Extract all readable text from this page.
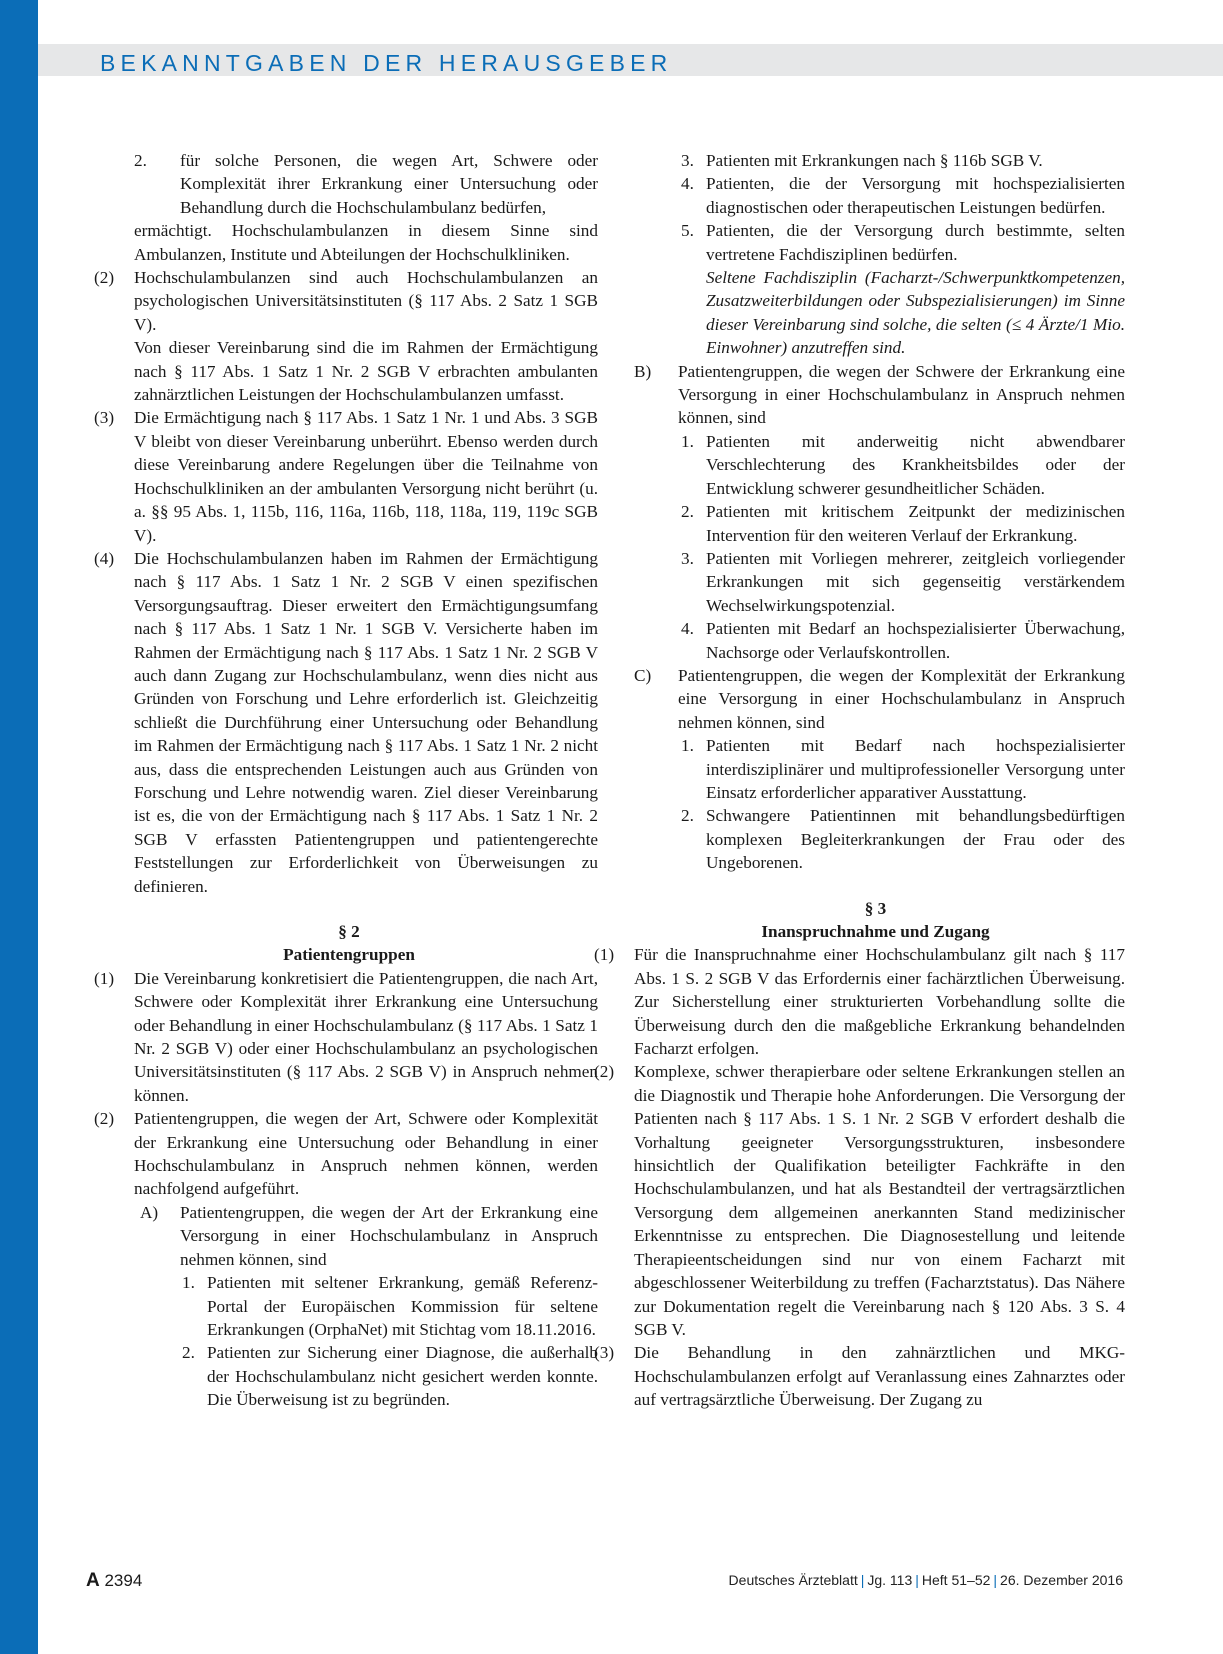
BEKANNTGABEN DER HERAUSGEBER
2. für solche Personen, die wegen Art, Schwere oder Komplexität ihrer Erkrankung einer Untersuchung oder Behandlung durch die Hochschulambulanz bedürfen,
ermächtigt. Hochschulambulanzen in diesem Sinne sind Ambulanzen, Institute und Abteilungen der Hochschulkliniken.
(2) Hochschulambulanzen sind auch Hochschulambulanzen an psychologischen Universitätsinstituten (§ 117 Abs. 2 Satz 1 SGB V).
Von dieser Vereinbarung sind die im Rahmen der Ermächtigung nach § 117 Abs. 1 Satz 1 Nr. 2 SGB V erbrachten ambulanten zahnärztlichen Leistungen der Hochschulambulanzen umfasst.
(3) Die Ermächtigung nach § 117 Abs. 1 Satz 1 Nr. 1 und Abs. 3 SGB V bleibt von dieser Vereinbarung unberührt. Ebenso werden durch diese Vereinbarung andere Regelungen über die Teilnahme von Hochschulkliniken an der ambulanten Versorgung nicht berührt (u. a. §§ 95 Abs. 1, 115b, 116, 116a, 116b, 118, 118a, 119, 119c SGB V).
(4) Die Hochschulambulanzen haben im Rahmen der Ermächtigung nach § 117 Abs. 1 Satz 1 Nr. 2 SGB V einen spezifischen Versorgungsauftrag. Dieser erweitert den Ermächtigungsumfang nach § 117 Abs. 1 Satz 1 Nr. 1 SGB V. Versicherte haben im Rahmen der Ermächtigung nach § 117 Abs. 1 Satz 1 Nr. 2 SGB V auch dann Zugang zur Hochschulambulanz, wenn dies nicht aus Gründen von Forschung und Lehre erforderlich ist. Gleichzeitig schließt die Durchführung einer Untersuchung oder Behandlung im Rahmen der Ermächtigung nach § 117 Abs. 1 Satz 1 Nr. 2 nicht aus, dass die entsprechenden Leistungen auch aus Gründen von Forschung und Lehre notwendig waren. Ziel dieser Vereinbarung ist es, die von der Ermächtigung nach § 117 Abs. 1 Satz 1 Nr. 2 SGB V erfassten Patientengruppen und patientengerechte Feststellungen zur Erforderlichkeit von Überweisungen zu definieren.
§ 2
Patientengruppen
(1) Die Vereinbarung konkretisiert die Patientengruppen, die nach Art, Schwere oder Komplexität ihrer Erkrankung eine Untersuchung oder Behandlung in einer Hochschulambulanz (§ 117 Abs. 1 Satz 1 Nr. 2 SGB V) oder einer Hochschulambulanz an psychologischen Universitätsinstituten (§ 117 Abs. 2 SGB V) in Anspruch nehmen können.
(2) Patientengruppen, die wegen der Art, Schwere oder Komplexität der Erkrankung eine Untersuchung oder Behandlung in einer Hochschulambulanz in Anspruch nehmen können, werden nachfolgend aufgeführt.
A) Patientengruppen, die wegen der Art der Erkrankung eine Versorgung in einer Hochschulambulanz in Anspruch nehmen können, sind
1. Patienten mit seltener Erkrankung, gemäß Referenz-Portal der Europäischen Kommission für seltene Erkrankungen (OrphaNet) mit Stichtag vom 18.11.2016.
2. Patienten zur Sicherung einer Diagnose, die außerhalb der Hochschulambulanz nicht gesichert werden konnte. Die Überweisung ist zu begründen.
3. Patienten mit Erkrankungen nach § 116b SGB V.
4. Patienten, die der Versorgung mit hochspezialisierten diagnostischen oder therapeutischen Leistungen bedürfen.
5. Patienten, die der Versorgung durch bestimmte, selten vertretene Fachdisziplinen bedürfen.
Seltene Fachdisziplin (Facharzt-/Schwerpunktkompetenzen, Zusatzweiterbildungen oder Subspezialisierungen) im Sinne dieser Vereinbarung sind solche, die selten (≤ 4 Ärzte/1 Mio. Einwohner) anzutreffen sind.
B) Patientengruppen, die wegen der Schwere der Erkrankung eine Versorgung in einer Hochschulambulanz in Anspruch nehmen können, sind
1. Patienten mit anderweitig nicht abwendbarer Verschlechterung des Krankheitsbildes oder der Entwicklung schwerer gesundheitlicher Schäden.
2. Patienten mit kritischem Zeitpunkt der medizinischen Intervention für den weiteren Verlauf der Erkrankung.
3. Patienten mit Vorliegen mehrerer, zeitgleich vorliegender Erkrankungen mit sich gegenseitig verstärkendem Wechselwirkungspotenzial.
4. Patienten mit Bedarf an hochspezialisierter Überwachung, Nachsorge oder Verlaufskontrollen.
C) Patientengruppen, die wegen der Komplexität der Erkrankung eine Versorgung in einer Hochschulambulanz in Anspruch nehmen können, sind
1. Patienten mit Bedarf nach hochspezialisierter interdisziplinärer und multiprofessioneller Versorgung unter Einsatz erforderlicher apparativer Ausstattung.
2. Schwangere Patientinnen mit behandlungsbedürftigen komplexen Begleiterkrankungen der Frau oder des Ungeborenen.
§ 3
Inanspruchnahme und Zugang
(1) Für die Inanspruchnahme einer Hochschulambulanz gilt nach § 117 Abs. 1 S. 2 SGB V das Erfordernis einer fachärztlichen Überweisung. Zur Sicherstellung einer strukturierten Vorbehandlung sollte die Überweisung durch den die maßgebliche Erkrankung behandelnden Facharzt erfolgen.
(2) Komplexe, schwer therapierbare oder seltene Erkrankungen stellen an die Diagnostik und Therapie hohe Anforderungen. Die Versorgung der Patienten nach § 117 Abs. 1 S. 1 Nr. 2 SGB V erfordert deshalb die Vorhaltung geeigneter Versorgungsstrukturen, insbesondere hinsichtlich der Qualifikation beteiligter Fachkräfte in den Hochschulambulanzen, und hat als Bestandteil der vertragsärztlichen Versorgung dem allgemeinen anerkannten Stand medizinischer Erkenntnisse zu entsprechen. Die Diagnosestellung und leitende Therapieentscheidungen sind nur von einem Facharzt mit abgeschlossener Weiterbildung zu treffen (Facharztstatus). Das Nähere zur Dokumentation regelt die Vereinbarung nach § 120 Abs. 3 S. 4 SGB V.
(3) Die Behandlung in den zahnärztlichen und MKG-Hochschulambulanzen erfolgt auf Veranlassung eines Zahnarztes oder auf vertragsärztliche Überweisung. Der Zugang zu
A 2394	Deutsches Ärzteblatt | Jg. 113 | Heft 51–52 | 26. Dezember 2016
